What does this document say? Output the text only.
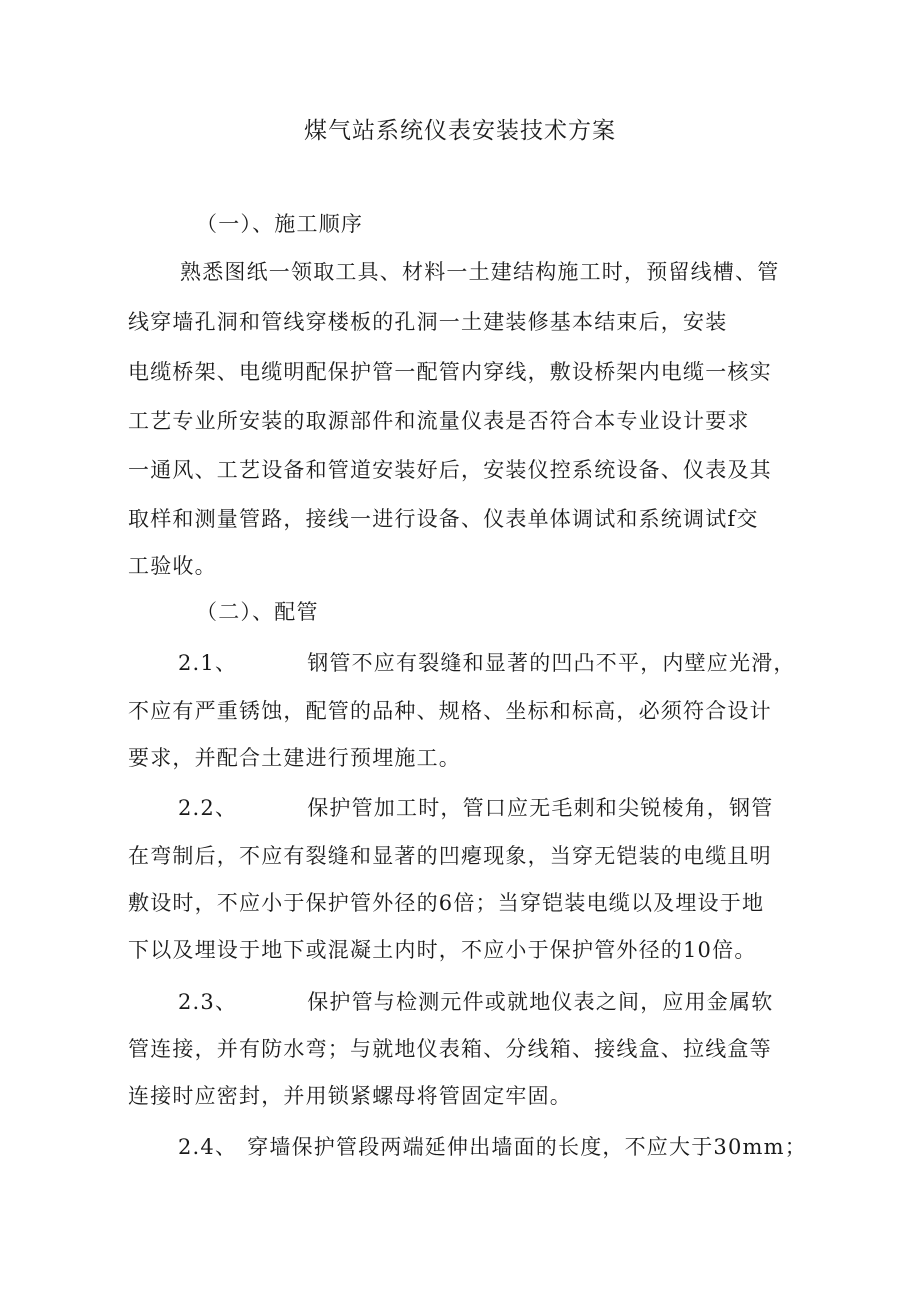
煤气站系统仪表安装技术方案
（一）、施工顺序
熟悉图纸一领取工具、材料一土建结构施工时，预留线槽、管
线穿墙孔洞和管线穿楼板的孔洞一土建装修基本结束后，安装
电缆桥架、电缆明配保护管一配管内穿线，敷设桥架内电缆一核实
工艺专业所安装的取源部件和流量仪表是否符合本专业设计要求
一通风、工艺设备和管道安装好后，安装仪控系统设备、仪表及其
取样和测量管路，接线一进行设备、仪表单体调试和系统调试f交
工验收。
（二）、配管
2.1、	钢管不应有裂缝和显著的凹凸不平，内壁应光滑，
不应有严重锈蚀，配管的品种、规格、坐标和标高，必须符合设计
要求，并配合土建进行预埋施工。
2.2、	保护管加工时，管口应无毛刺和尖锐棱角，钢管
在弯制后，不应有裂缝和显著的凹瘪现象，当穿无铠装的电缆且明
敷设时，不应小于保护管外径的6倍；当穿铠装电缆以及埋设于地
下以及埋设于地下或混凝土内时，不应小于保护管外径的10倍。
2.3、	保护管与检测元件或就地仪表之间，应用金属软
管连接，并有防水弯；与就地仪表箱、分线箱、接线盒、拉线盒等
连接时应密封，并用锁紧螺母将管固定牢固。
2.4、 穿墙保护管段两端延伸出墙面的长度，不应大于30mm；
